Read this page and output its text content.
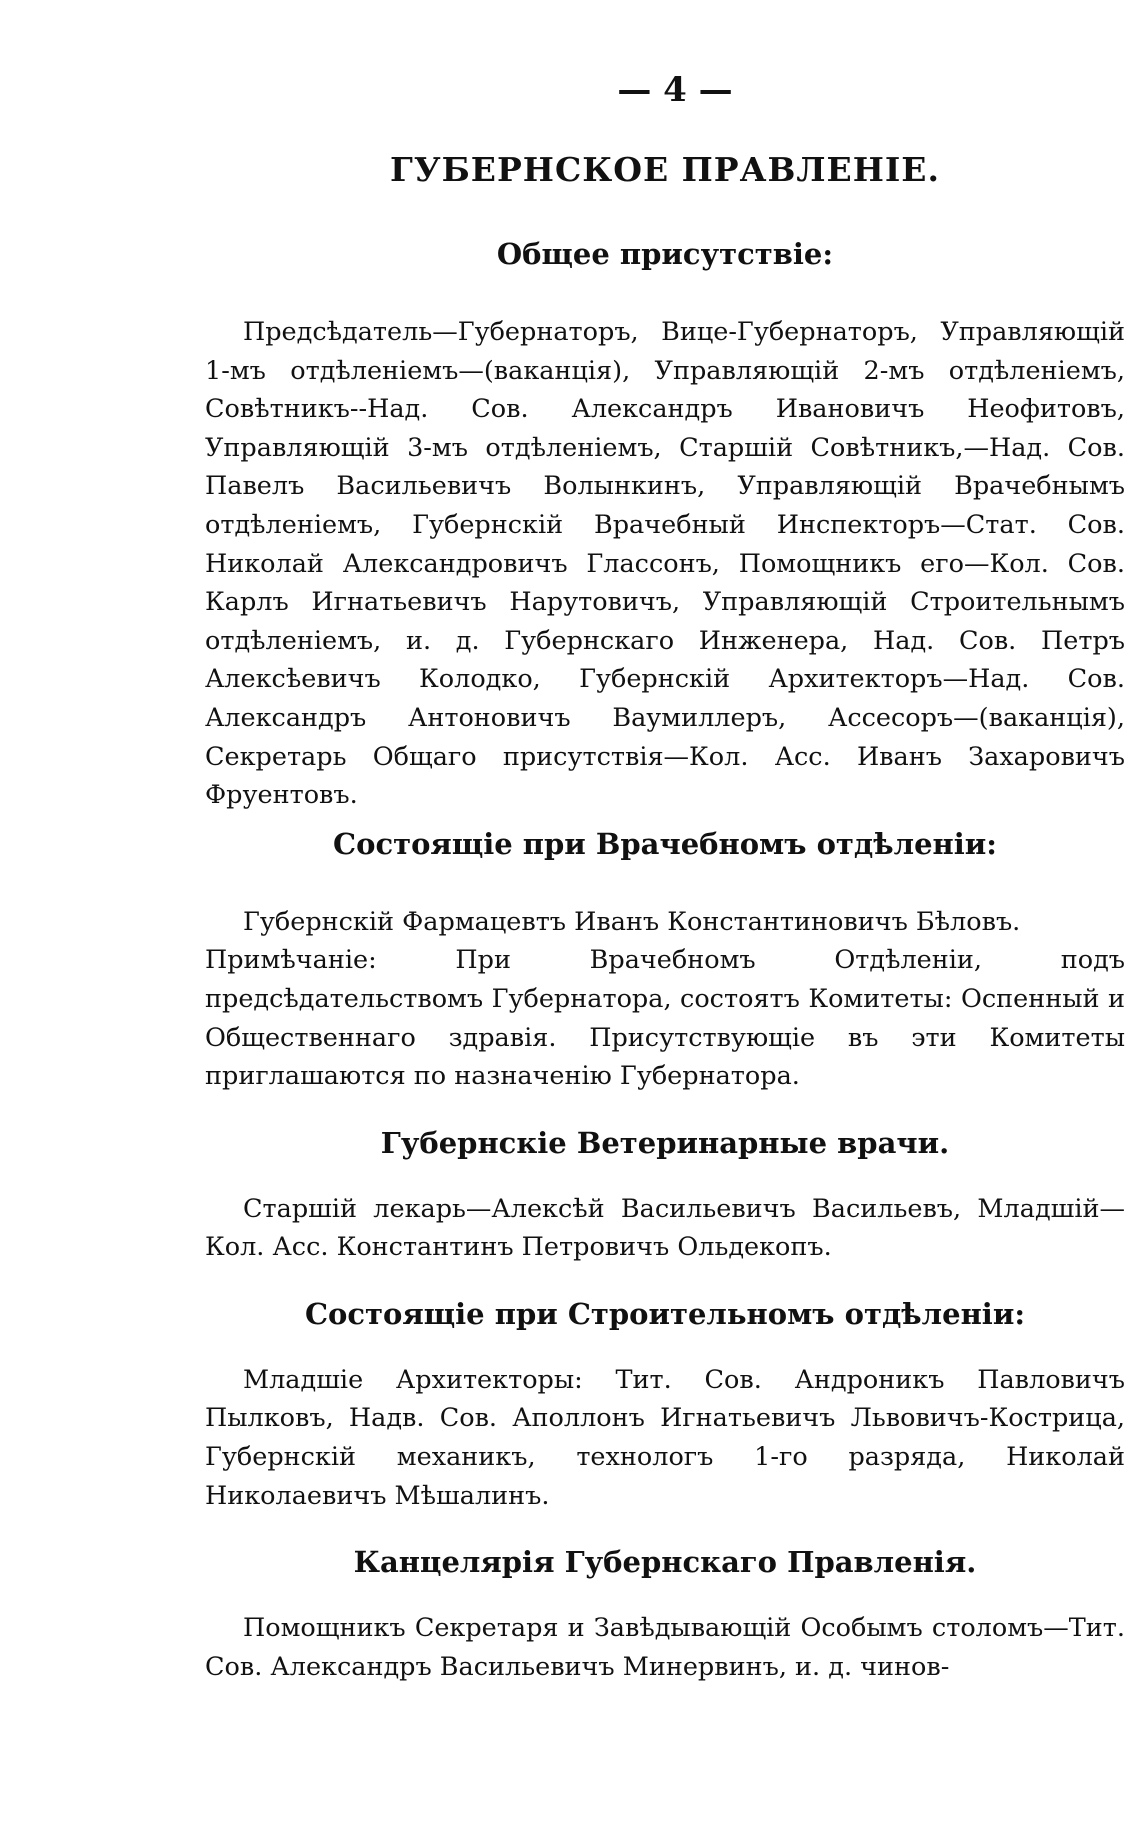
— 4 —
ГУБЕРНСКОЕ ПРАВЛЕНІЕ.
Общее присутствіе:

Предсѣдатель—Губернаторъ, Вице-Губернаторъ, Управляющій 1-мъ отдѣленіемъ—(ваканція), Управляющій 2-мъ отдѣленіемъ, Совѣтникъ--Над. Сов. Александръ Ивановичъ Неофитовъ, Управляющій 3-мъ отдѣленіемъ, Старшій Совѣтникъ,—Над. Сов. Павелъ Васильевичъ Волынкинъ, Управляющій Врачебнымъ отдѣленіемъ, Губернскій Врачебный Инспекторъ—Стат. Сов. Николай Александровичъ Глассонъ, Помощникъ его—Кол. Сов. Карлъ Игнатьевичъ Нарутовичъ, Управляющій Строительнымъ отдѣленіемъ, и. д. Губернскаго Инженера, Над. Сов. Петръ Алексѣевичъ Колодко, Губернскій Архитекторъ—Над. Сов. Александръ Антоновичъ Ваумиллеръ, Ассесоръ—(ваканція), Секретарь Общаго присутствія—Кол. Асс. Иванъ Захаровичъ Фруентовъ.

Состоящіе при Врачебномъ отдѣленіи:

Губернскій Фармацевтъ Иванъ Константиновичъ Бѣловъ.

Примѣчаніе: При Врачебномъ Отдѣленіи, подъ предсѣдательствомъ Губернатора, состоятъ Комитеты: Оспенный и Общественнаго здравія. Присутствующіе въ эти Комитеты приглашаются по назначенію Губернатора.

Губернскіе Ветеринарные врачи.

Старшій лекарь—Алексѣй Васильевичъ Васильевъ, Младшій—Кол. Асс. Константинъ Петровичъ Ольдекопъ.

Состоящіе при Строительномъ отдѣленіи:

Младшіе Архитекторы: Тит. Сов. Андроникъ Павловичъ Пылковъ, Надв. Сов. Аполлонъ Игнатьевичъ Львовичъ-Кострица, Губернскій механикъ, технологъ 1-го разряда, Николай Николаевичъ Мѣшалинъ.

Канцелярія Губернскаго Правленія.

Помощникъ Секретаря и Завѣдывающій Особымъ столомъ—Тит. Сов. Александръ Васильевичъ Минервинъ, и. д. чинов-
